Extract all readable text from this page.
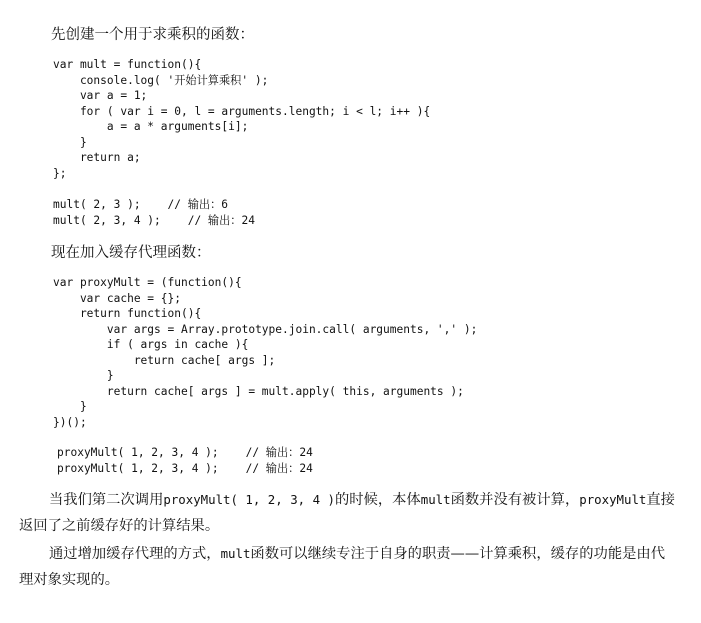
先创建一个用于求乘积的函数：
var mult = function(){
console.log( '开始计算乘积' );
var a = 1;
for ( var i = 0, l = arguments.length; i < l; i++ ){
a = a * arguments[i];
}
return a;
};
mult( 2, 3 );    // 输出：6
mult( 2, 3, 4 );    // 输出：24
现在加入缓存代理函数：
var proxyMult = (function(){
var cache = {};
return function(){
var args = Array.prototype.join.call( arguments, ',' );
if ( args in cache ){
return cache[ args ];
}
return cache[ args ] = mult.apply( this, arguments );
}
})();
proxyMult( 1, 2, 3, 4 );    // 输出：24
proxyMult( 1, 2, 3, 4 );    // 输出：24

当我们第二次调用proxyMult( 1, 2, 3, 4 )的时候，本体mult函数并没有被计算，proxyMult直接返回了之前缓存好的计算结果。

通过增加缓存代理的方式，mult函数可以继续专注于自身的职责——计算乘积，缓存的功能是由代理对象实现的。
